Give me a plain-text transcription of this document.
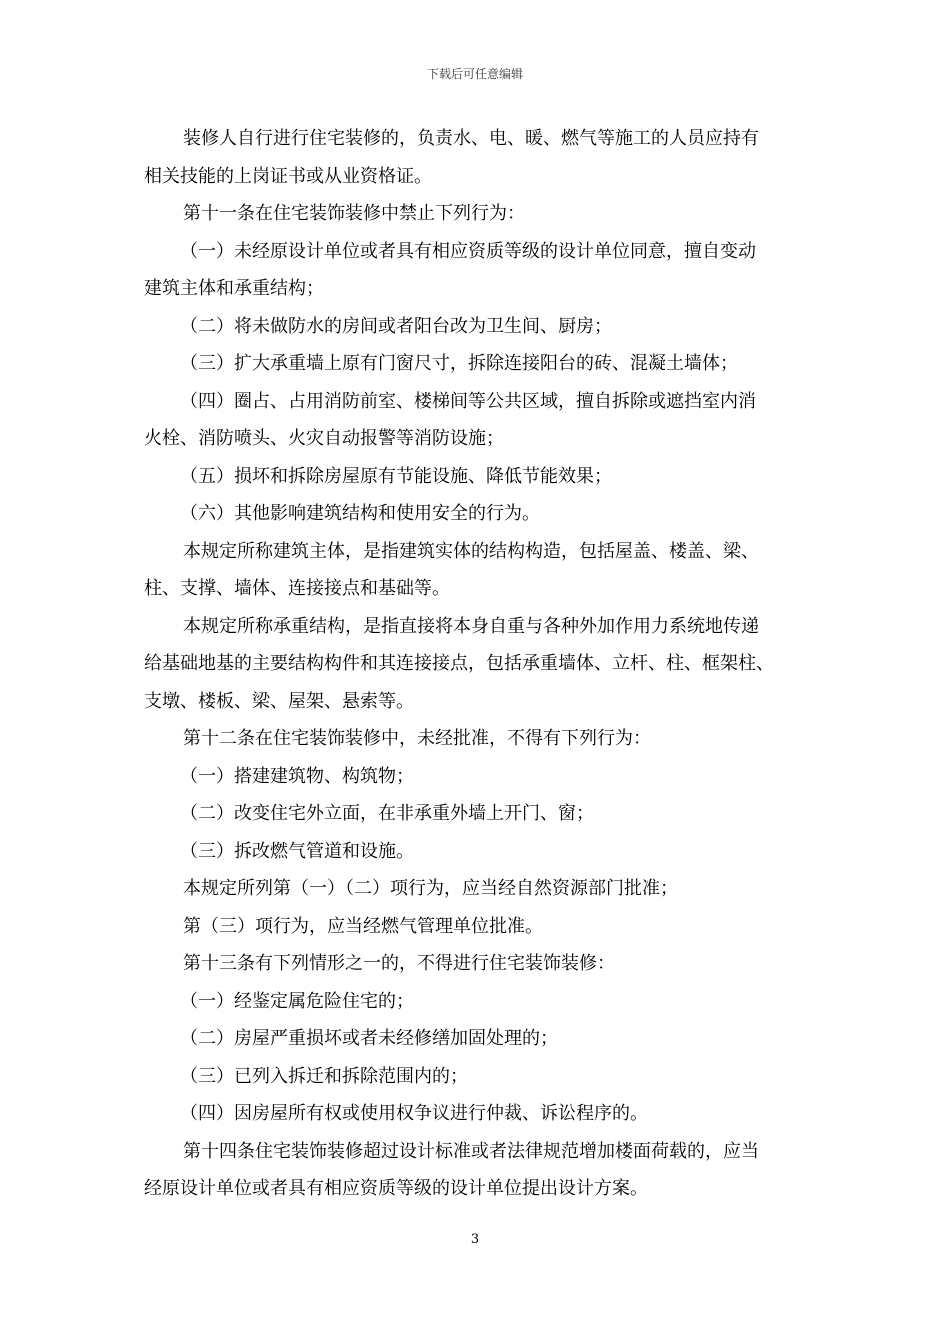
下载后可任意编辑

装修人自行进行住宅装修的，负责水、电、暖、燃气等施工的人员应持有

相关技能的上岗证书或从业资格证。

第十一条在住宅装饰装修中禁止下列行为：

（一）未经原设计单位或者具有相应资质等级的设计单位同意，擅自变动

建筑主体和承重结构；

（二）将未做防水的房间或者阳台改为卫生间、厨房；

（三）扩大承重墙上原有门窗尺寸，拆除连接阳台的砖、混凝土墙体；

（四）圈占、占用消防前室、楼梯间等公共区域，擅自拆除或遮挡室内消

火栓、消防喷头、火灾自动报警等消防设施；

（五）损坏和拆除房屋原有节能设施、降低节能效果；

（六）其他影响建筑结构和使用安全的行为。

本规定所称建筑主体，是指建筑实体的结构构造，包括屋盖、楼盖、梁、

柱、支撑、墙体、连接接点和基础等。

本规定所称承重结构，是指直接将本身自重与各种外加作用力系统地传递

给基础地基的主要结构构件和其连接接点，包括承重墙体、立杆、柱、框架柱、

支墩、楼板、梁、屋架、悬索等。

第十二条在住宅装饰装修中，未经批准，不得有下列行为：

（一）搭建建筑物、构筑物；

（二）改变住宅外立面，在非承重外墙上开门、窗；

（三）拆改燃气管道和设施。

本规定所列第（一）（二）项行为，应当经自然资源部门批准；

第（三）项行为，应当经燃气管理单位批准。

第十三条有下列情形之一的，不得进行住宅装饰装修：

（一）经鉴定属危险住宅的；

（二）房屋严重损坏或者未经修缮加固处理的；

（三）已列入拆迁和拆除范围内的；

（四）因房屋所有权或使用权争议进行仲裁、诉讼程序的。

第十四条住宅装饰装修超过设计标准或者法律规范增加楼面荷载的，应当

经原设计单位或者具有相应资质等级的设计单位提出设计方案。

3
